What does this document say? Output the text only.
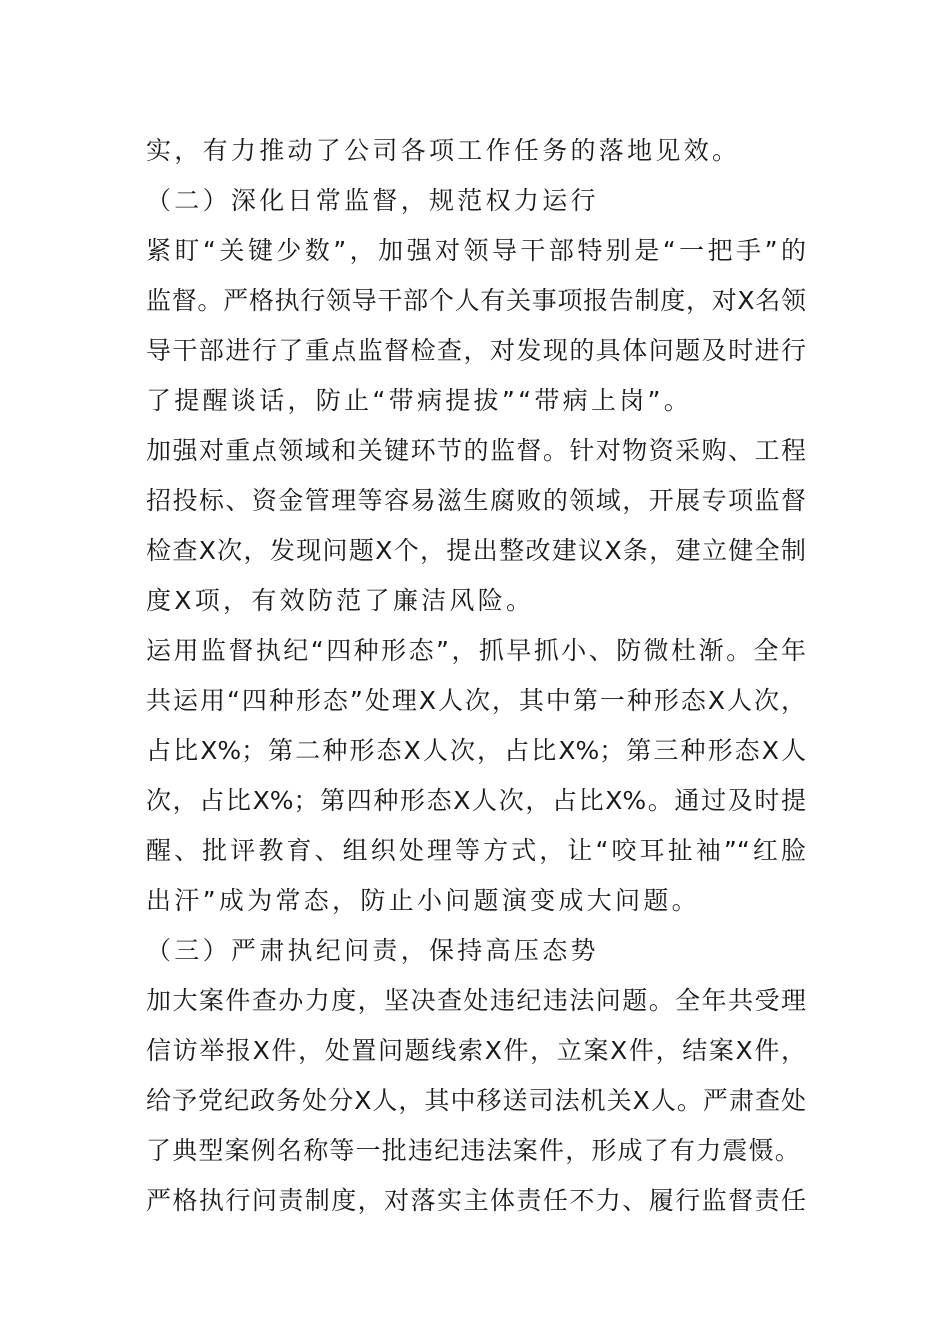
实，有力推动了公司各项工作任务的落地见效。
（二）深化日常监督，规范权力运行
紧盯“关键少数”，加强对领导干部特别是“一把手”的
监督。严格执行领导干部个人有关事项报告制度，对X名领
导干部进行了重点监督检查，对发现的具体问题及时进行
了提醒谈话，防止“带病提拔”“带病上岗”。
加强对重点领域和关键环节的监督。针对物资采购、工程
招投标、资金管理等容易滋生腐败的领域，开展专项监督
检查X次，发现问题X个，提出整改建议X条，建立健全制
度X项，有效防范了廉洁风险。
运用监督执纪“四种形态”，抓早抓小、防微杜渐。全年
共运用“四种形态”处理X人次，其中第一种形态X人次，
占比X%；第二种形态X人次，占比X%；第三种形态X人
次，占比X%；第四种形态X人次，占比X%。通过及时提
醒、批评教育、组织处理等方式，让“咬耳扯袖”“红脸
出汗”成为常态，防止小问题演变成大问题。
（三）严肃执纪问责，保持高压态势
加大案件查办力度，坚决查处违纪违法问题。全年共受理
信访举报X件，处置问题线索X件，立案X件，结案X件，
给予党纪政务处分X人，其中移送司法机关X人。严肃查处
了典型案例名称等一批违纪违法案件，形成了有力震慑。
严格执行问责制度，对落实主体责任不力、履行监督责任
